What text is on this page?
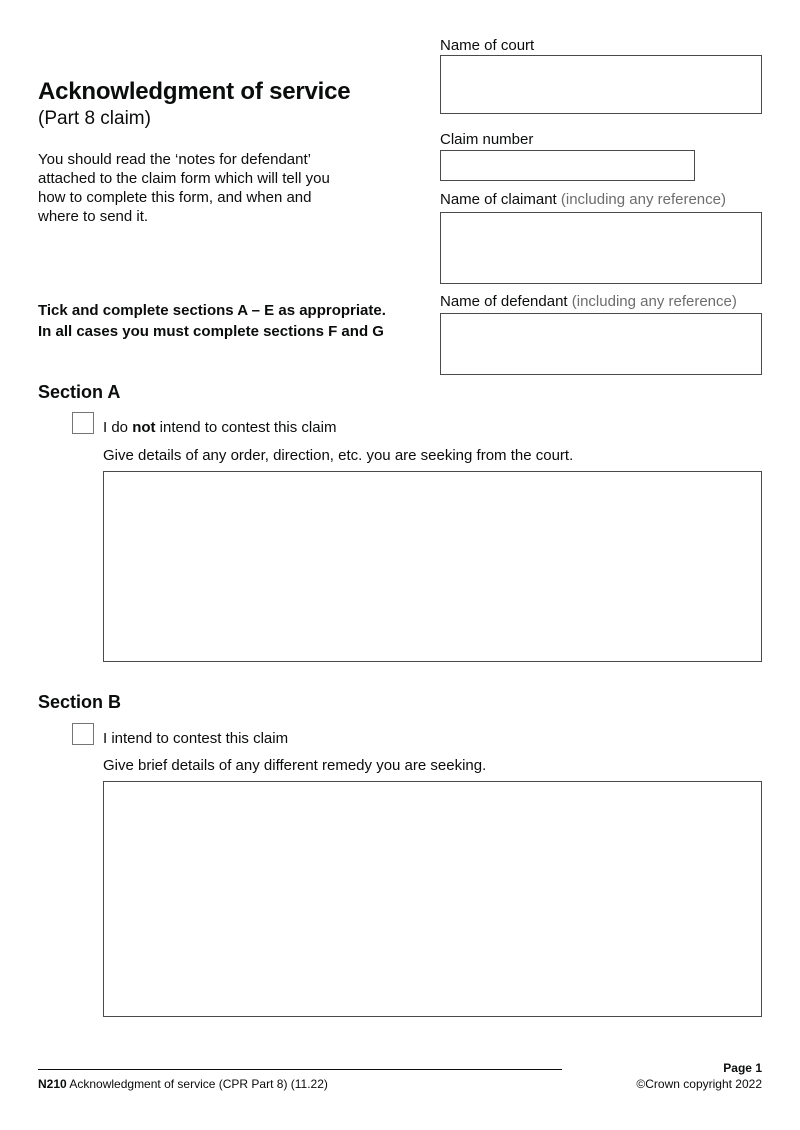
Acknowledgment of service
(Part 8 claim)
You should read the ‘notes for defendant’
attached to the claim form which will tell you
how to complete this form, and when and
where to send it.
Tick and complete sections A – E as appropriate.
In all cases you must complete sections F and G
Name of court
Claim number
Name of claimant (including any reference)
Name of defendant (including any reference)
Section A
I do not intend to contest this claim
Give details of any order, direction, etc. you are seeking from the court.
Section B
I intend to contest this claim
Give brief details of any different remedy you are seeking.
N210 Acknowledgment of service (CPR Part 8) (11.22)
Page 1
©Crown copyright 2022
